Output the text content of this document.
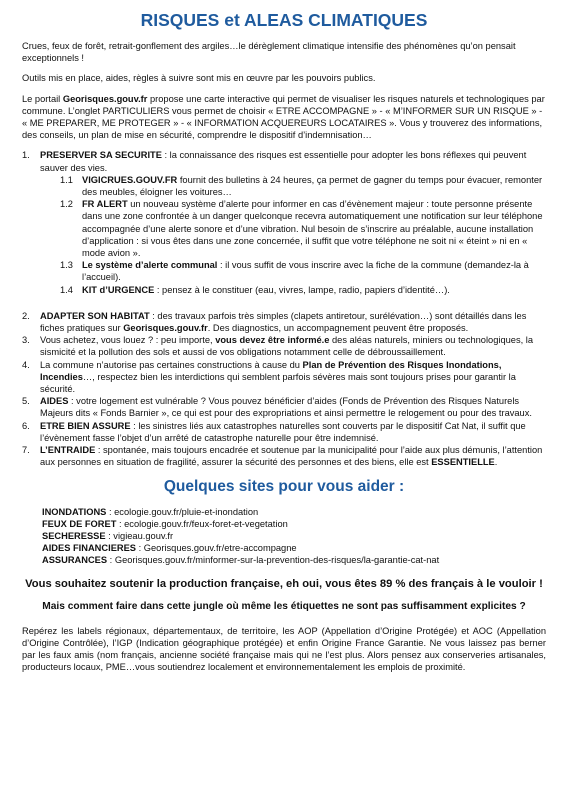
RISQUES et ALEAS CLIMATIQUES

Crues, feux de forêt, retrait-gonflement des argiles…le dérèglement climatique intensifie des phénomènes qu’on pensait exceptionnels !

Outils mis en place, aides, règles à suivre sont mis en œuvre par les pouvoirs publics.

Le portail Georisques.gouv.fr propose une carte interactive qui permet de visualiser les risques naturels et technologiques par commune. L’onglet PARTICULIERS vous permet de choisir « ETRE ACCOMPAGNE » - « M’INFORMER SUR UN RISQUE » - « ME PREPARER, ME PROTEGER » - « INFORMATION ACQUEREURS LOCATAIRES ». Vous y trouverez des informations, des conseils, un plan de mise en sécurité, comprendre le dispositif d’indemnisation…

1. PRESERVER SA SECURITE : la connaissance des risques est essentielle pour adopter les bons réflexes qui peuvent sauver des vies.
1.1 VIGICRUES.GOUV.FR fournit des bulletins à 24 heures, ça permet de gagner du temps pour évacuer, remonter des meubles, éloigner les voitures…
1.2 FR ALERT un nouveau système d’alerte pour informer en cas d’évènement majeur : toute personne présente dans une zone confrontée à un danger quelconque recevra automatiquement une notification sur leur téléphone accompagnée d’une alerte sonore et d’une vibration. Nul besoin de s’inscrire au préalable, aucune installation d’application : si vous êtes dans une zone concernée, il suffit que votre téléphone ne soit ni « éteint » ni en « mode avion ».
1.3 Le système d’alerte communal : il vous suffit de vous inscrire avec la fiche de la commune (demandez-la à l’accueil).
1.4 KIT d’URGENCE : pensez à le constituer (eau, vivres, lampe, radio, papiers d’identité…).
2. ADAPTER SON HABITAT : des travaux parfois très simples (clapets antiretour, surélévation…) sont détaillés dans les fiches pratiques sur Georisques.gouv.fr. Des diagnostics, un accompagnement peuvent être proposés.
3. Vous achetez, vous louez ? : peu importe, vous devez être informé.e des aléas naturels, miniers ou technologiques, la sismicité et la pollution des sols et aussi de vos obligations notamment celle de débroussaillement.
4. La commune n’autorise pas certaines constructions à cause du Plan de Prévention des Risques Inondations, Incendies…, respectez bien les interdictions qui semblent parfois sévères mais sont toujours prises pour garantir la sécurité.
5. AIDES : votre logement est vulnérable ? Vous pouvez bénéficier d’aides (Fonds de Prévention des Risques Naturels Majeurs dits « Fonds Barnier », ce qui est pour des expropriations et ainsi permettre le relogement ou pour des travaux.
6. ETRE BIEN ASSURE : les sinistres liés aux catastrophes naturelles sont couverts par le dispositif Cat Nat, il suffit que l’évènement fasse l’objet d’un arrêté de catastrophe naturelle pour être indemnisé.
7. L’ENTRAIDE : spontanée, mais toujours encadrée et soutenue par la municipalité pour l’aide aux plus démunis, l’attention aux personnes en situation de fragilité, assurer la sécurité des personnes et des biens, elle est ESSENTIELLE.
Quelques sites pour vous aider :
INONDATIONS : ecologie.gouv.fr/pluie-et-inondation
FEUX DE FORET : ecologie.gouv.fr/feux-foret-et-vegetation
SECHERESSE : vigieau.gouv.fr
AIDES FINANCIERES : Georisques.gouv.fr/etre-accompagne
ASSURANCES : Georisques.gouv.fr/minformer-sur-la-prevention-des-risques/la-garantie-cat-nat
Vous souhaitez soutenir la production française, eh oui, vous êtes 89 % des français à le vouloir !
Mais comment faire dans cette jungle où même les étiquettes ne sont pas suffisamment explicites ?

Repérez les labels régionaux, départementaux, de territoire, les AOP (Appellation d’Origine Protégée) et AOC (Appellation d’Origine Contrôlée), l’IGP (Indication géographique protégée) et enfin Origine France Garantie. Ne vous laissez pas berner par les faux amis (nom français, ancienne société française mais qui ne l’est plus. Alors pensez aux conserveries artisanales, producteurs locaux, PME…vous soutiendrez localement et environnementalement les emplois de proximité.
